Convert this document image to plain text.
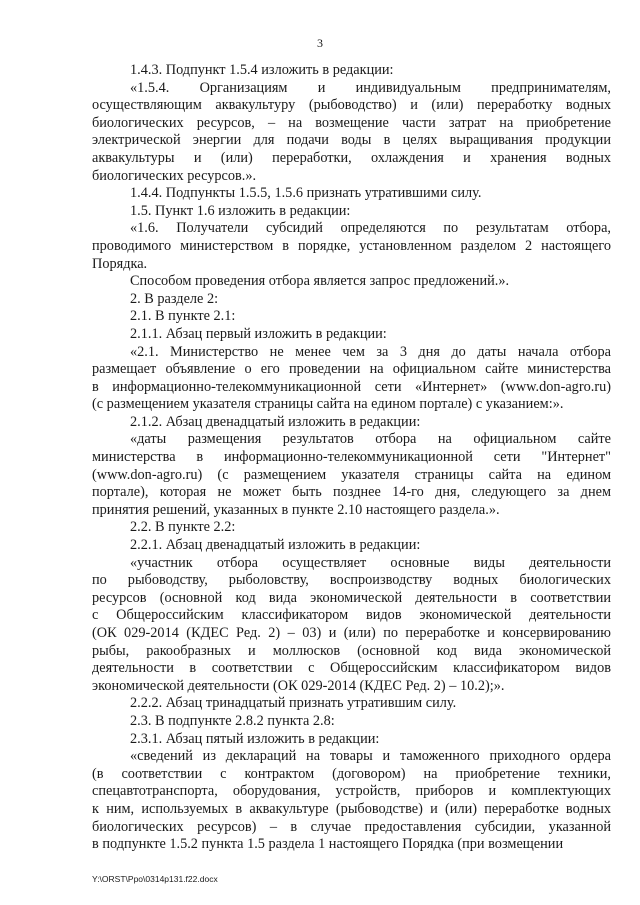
3
1.4.3. Подпункт 1.5.4 изложить в редакции:
«1.5.4. Организациям и индивидуальным предпринимателям,
осуществляющим аквакультуру (рыбоводство) и (или) переработку водных
биологических ресурсов, – на возмещение части затрат на приобретение
электрической энергии для подачи воды в целях выращивания продукции
аквакультуры и (или) переработки, охлаждения и хранения водных
биологических ресурсов.».
1.4.4. Подпункты 1.5.5, 1.5.6 признать утратившими силу.
1.5. Пункт 1.6 изложить в редакции:
«1.6. Получатели субсидий определяются по результатам отбора,
проводимого министерством в порядке, установленном разделом 2 настоящего
Порядка.
Способом проведения отбора является запрос предложений.».
2. В разделе 2:
2.1. В пункте 2.1:
2.1.1. Абзац первый изложить в редакции:
«2.1. Министерство не менее чем за 3 дня до даты начала отбора
размещает объявление о его проведении на официальном сайте министерства
в информационно-телекоммуникационной сети «Интернет» (www.don-agro.ru)
(с размещением указателя страницы сайта на едином портале) с указанием:».
2.1.2. Абзац двенадцатый изложить в редакции:
«даты размещения результатов отбора на официальном сайте
министерства в информационно-телекоммуникационной сети "Интернет"
(www.don-agro.ru) (с размещением указателя страницы сайта на едином
портале), которая не может быть позднее 14-го дня, следующего за днем
принятия решений, указанных в пункте 2.10 настоящего раздела.».
2.2. В пункте 2.2:
2.2.1. Абзац двенадцатый изложить в редакции:
«участник отбора осуществляет основные виды деятельности
по рыбоводству, рыболовству, воспроизводству водных биологических
ресурсов (основной код вида экономической деятельности в соответствии
с Общероссийским классификатором видов экономической деятельности
(ОК 029-2014 (КДЕС Ред. 2) – 03) и (или) по переработке и консервированию
рыбы, ракообразных и моллюсков (основной код вида экономической
деятельности в соответствии с Общероссийским классификатором видов
экономической деятельности (ОК 029-2014 (КДЕС Ред. 2) – 10.2);».
2.2.2. Абзац тринадцатый признать утратившим силу.
2.3. В подпункте 2.8.2 пункта 2.8:
2.3.1. Абзац пятый изложить в редакции:
«сведений из деклараций на товары и таможенного приходного ордера
(в соответствии с контрактом (договором) на приобретение техники,
спецавтотранспорта, оборудования, устройств, приборов и комплектующих
к ним, используемых в аквакультуре (рыбоводстве) и (или) переработке водных
биологических ресурсов) – в случае предоставления субсидии, указанной
в подпункте 1.5.2 пункта 1.5 раздела 1 настоящего Порядка (при возмещении
Y:\ORST\Ppo\0314p131.f22.docx
